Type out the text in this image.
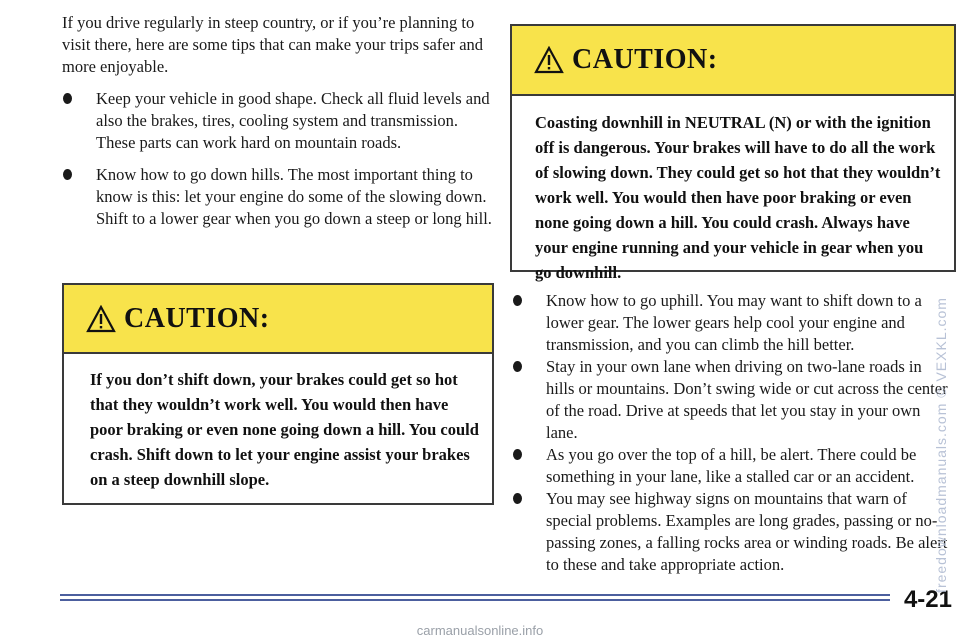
If you drive regularly in steep country, or if you’re planning to visit there, here are some tips that can make your trips safer and more enjoyable.

Keep your vehicle in good shape. Check all fluid levels and also the brakes, tires, cooling system and transmission. These parts can work hard on mountain roads.
Know how to go down hills. The most important thing to know is this: let your engine do some of the slowing down. Shift to a lower gear when you go down a steep or long hill.
CAUTION:
If you don’t shift down, your brakes could get so hot that they wouldn’t work well. You would then have poor braking or even none going down a hill. You could crash. Shift down to let your engine assist your brakes on a steep downhill slope.
CAUTION:
Coasting downhill in NEUTRAL (N) or with the ignition off is dangerous. Your brakes will have to do all the work of slowing down. They could get so hot that they wouldn’t work well. You would then have poor braking or even none going down a hill. You could crash. Always have your engine running and your vehicle in gear when you go downhill.
Know how to go uphill. You may want to shift down to a lower gear. The lower gears help cool your engine and transmission, and you can climb the hill better.
Stay in your own lane when driving on two-lane roads in hills or mountains. Don’t swing wide or cut across the center of the road. Drive at speeds that let you stay in your own lane.
As you go over the top of a hill, be alert. There could be something in your lane, like a stalled car or an accident.
You may see highway signs on mountains that warn of special problems. Examples are long grades, passing or no-passing zones, a falling rocks area or winding roads. Be alert to these and take appropriate action.
4-21
freedownloadmanuals.com © VEXKL.com
carmanualsonline.info
